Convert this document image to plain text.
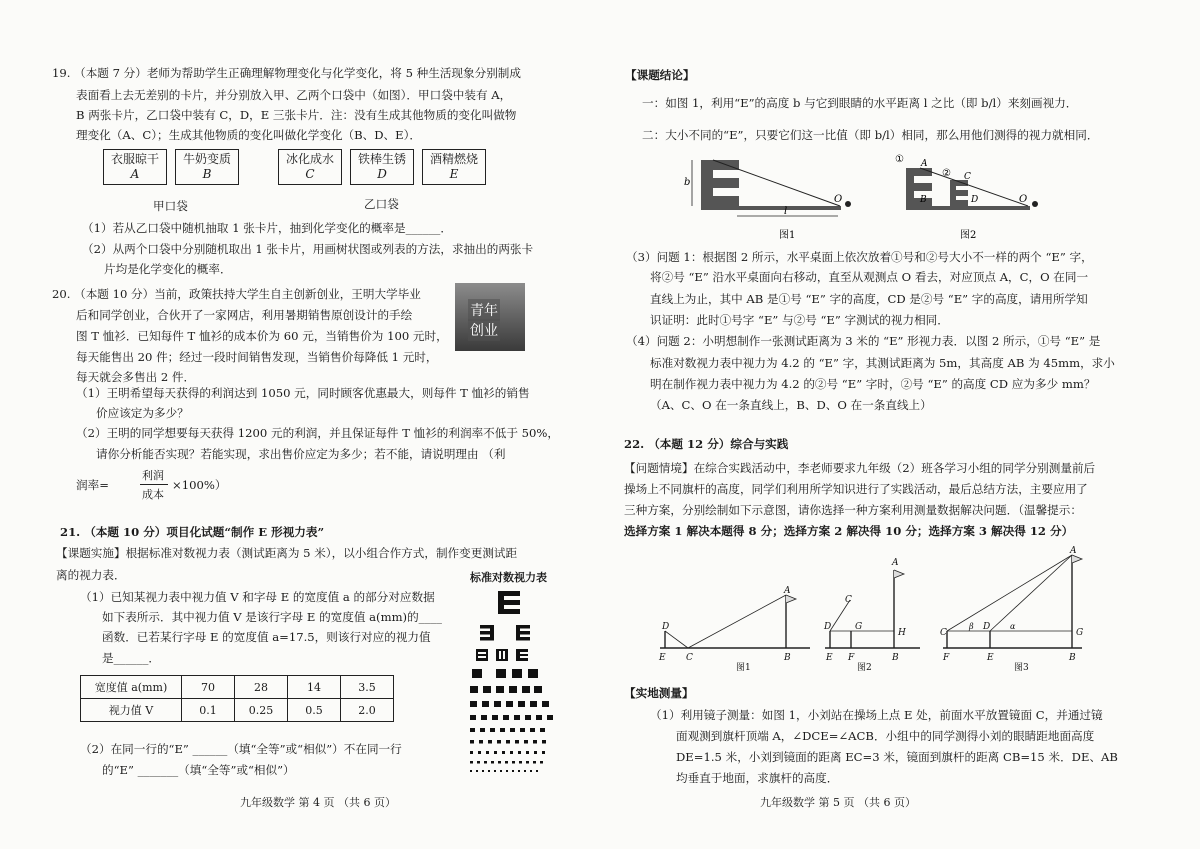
19. （本题 7 分）老师为帮助学生正确理解物理变化与化学变化，将 5 种生活现象分别制成
表面看上去无差别的卡片，并分别放入甲、乙两个口袋中（如图）．甲口袋中装有 A，
B 两张卡片，乙口袋中装有 C，D，E 三张卡片．注：没有生成其他物质的变化叫做物
理变化（A、C）；生成其他物质的变化叫做化学变化（B、D、E）．
衣服晾干
A
牛奶变质
B
冰化成水
C
铁棒生锈
D
酒精燃烧
E
甲口袋	乙口袋
（1）若从乙口袋中随机抽取 1 张卡片，抽到化学变化的概率是______．
（2）从两个口袋中分别随机取出 1 张卡片，用画树状图或列表的方法，求抽出的两张卡
片均是化学变化的概率．
20. （本题 10 分）当前，政策扶持大学生自主创新创业，王明大学毕业
后和同学创业，合伙开了一家网店，利用暑期销售原创设计的手绘
图 T 恤衫．已知每件 T 恤衫的成本价为 60 元，当销售价为 100 元时，
每天能售出 20 件；经过一段时间销售发现，当销售价每降低 1 元时，
每天就会多售出 2 件．
青年
创业
（1）王明希望每天获得的利润达到 1050 元，同时顾客优惠最大，则每件 T 恤衫的销售
价应该定为多少？
（2）王明的同学想要每天获得 1200 元的利润，并且保证每件 T 恤衫的利润率不低于 50%，
请你分析能否实现？若能实现，求出售价应定为多少；若不能，请说明理由 （利
润率=
利润
成本
×100%）
21. （本题 10 分）项目化试题“制作 E 形视力表”
【课题实施】根据标准对数视力表（测试距离为 5 米），以小组合作方式，制作变更测试距
离的视力表．
（1）已知某视力表中视力值 V 和字母 E 的宽度值 a 的部分对应数据
如下表所示．其中视力值 V 是该行字母 E 的宽度值 a(mm)的____
函数．已若某行字母 E 的宽度值 a=17.5，则该行对应的视力值
是______．
标准对数视力表
宽度值 a(mm)	70	28	14	3.5
视力值 V	0.1	0.25	0.5	2.0
（2）在同一行的“E” ______（填“全等”或“相似”）不在同一行
的“E” _______（填“全等”或“相似”）
九年级数学 第 4 页 （共 6 页）
【课题结论】
一：如图 1，利用“E”的高度 b 与它到眼睛的水平距离 l 之比（即 b/l）来刻画视力．
二：大小不同的“E”，只要它们这一比值（即 b/l）相同，那么用他们测得的视力就相同．
b
l
O
图1
①
②
A
C
B	D	O
图2
（3）问题 1：根据图 2 所示，水平桌面上依次放着①号和②号大小不一样的两个 “E” 字，
将②号 “E” 沿水平桌面向右移动，直至从观测点 O 看去，对应顶点 A，C，O 在同一
直线上为止，其中 AB 是①号 “E” 字的高度，CD 是②号 “E” 字的高度，请用所学知
识证明：此时①号字 “E” 与②号 “E” 字测试的视力相同．
（4）问题 2：小明想制作一张测试距离为 3 米的 “E” 形视力表．以图 2 所示，①号 “E” 是
标准对数视力表中视力为 4.2 的 “E” 字，其测试距离为 5m，其高度 AB 为 45mm，求小
明在制作视力表中视力为 4.2 的②号 “E” 字时，②号 “E” 的高度 CD 应为多少 mm？
（A、C、O 在一条直线上，B、D、O 在一条直线上）
22. （本题 12 分）综合与实践
【问题情境】在综合实践活动中，李老师要求九年级（2）班各学习小组的同学分别测量前后
操场上不同旗杆的高度，同学们利用所学知识进行了实践活动，最后总结方法，主要应用了
三种方案，分别绘制如下示意图，请你选择一种方案利用测量数据解决问题．（温馨提示：
选择方案 1 解决本题得 8 分；选择方案 2 解决得 10 分；选择方案 3 解决得 12 分）
D
E C
A
B
图1
C
D	G
H
A
E F	B
图2
C
D
β	α
G
A
F	E	B
图3
【实地测量】
（1）利用镜子测量：如图 1，小刘站在操场上点 E 处，前面水平放置镜面 C，并通过镜
面观测到旗杆顶端 A，∠DCE=∠ACB．小组中的同学测得小刘的眼睛距地面高度
DE=1.5 米，小刘到镜面的距离 EC=3 米，镜面到旗杆的距离 CB=15 米．DE、AB
均垂直于地面，求旗杆的高度．
九年级数学 第 5 页 （共 6 页）
